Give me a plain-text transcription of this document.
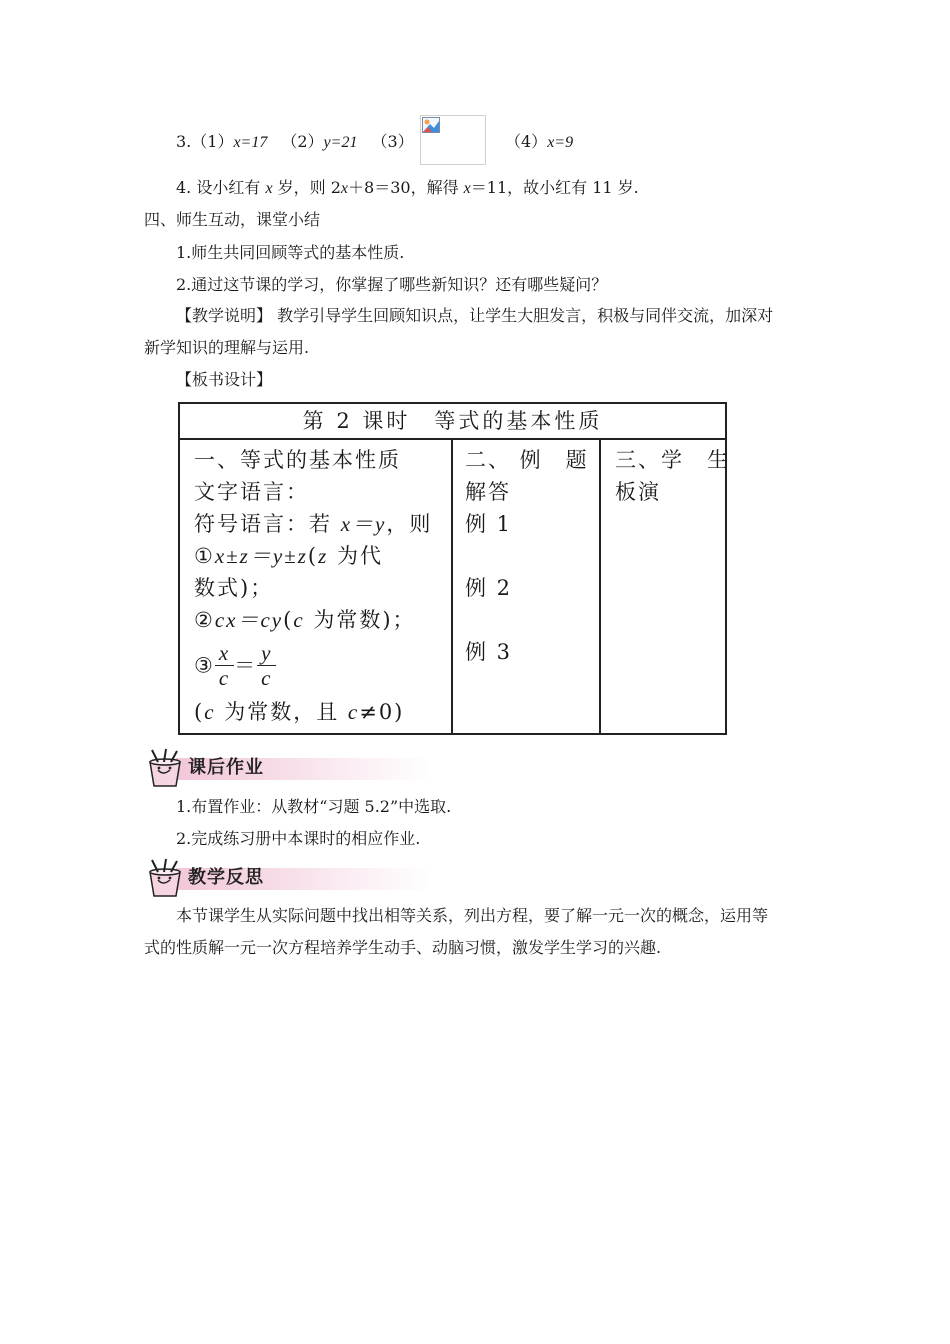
3.（1）x=17 （2）y=21 （3）	（4）x=9
4. 设小红有 x 岁，则 2x＋8＝30，解得 x＝11，故小红有 11 岁.
四、师生互动，课堂小结
1.师生共同回顾等式的基本性质.
2.通过这节课的学习，你掌握了哪些新知识？还有哪些疑问？
【教学说明】 教学引导学生回顾知识点，让学生大胆发言，积极与同伴交流，加深对
新学知识的理解与运用.
【板书设计】
第 2 课时　等式的基本性质
一、等式的基本性质
文字语言：
符号语言：若 x＝y，则
①x±z＝y±z(z 为代
数式)；
②cx＝cy(c 为常数)；
③ $\frac{x}{c} = \frac{y}{c}$
(c 为常数，且 c≠0)
二、 例　题
解答
例 1
例 2
例 3
三、学　生
板演
课后作业
1.布置作业：从教材“习题 5.2”中选取.
2.完成练习册中本课时的相应作业.
教学反思
本节课学生从实际问题中找出相等关系，列出方程，要了解一元一次的概念，运用等
式的性质解一元一次方程培养学生动手、动脑习惯，激发学生学习的兴趣.
